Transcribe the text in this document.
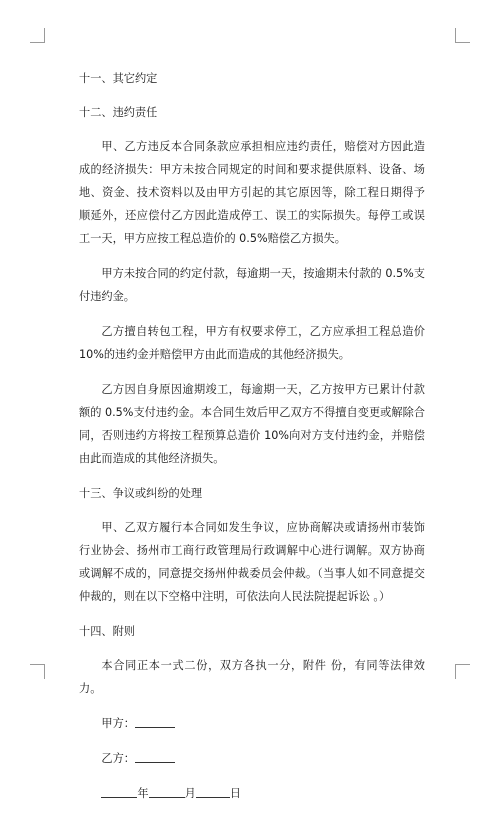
十一、其它约定
十二、违约责任
甲、乙方违反本合同条款应承担相应违约责任，赔偿对方因此造成的经济损失：甲方未按合同规定的时间和要求提供原料、设备、场地、资金、技术资料以及由甲方引起的其它原因等，除工程日期得予顺延外，还应偿付乙方因此造成停工、误工的实际损失。每停工或误工一天，甲方应按工程总造价的 0.5%赔偿乙方损失。
甲方未按合同的约定付款，每逾期一天，按逾期未付款的 0.5%支付违约金。
乙方擅自转包工程，甲方有权要求停工，乙方应承担工程总造价 10%的违约金并赔偿甲方由此而造成的其他经济损失。
乙方因自身原因逾期竣工，每逾期一天，乙方按甲方已累计付款额的 0.5%支付违约金。本合同生效后甲乙双方不得擅自变更或解除合同，否则违约方将按工程预算总造价 10%向对方支付违约金，并赔偿由此而造成的其他经济损失。
十三、争议或纠纷的处理
甲、乙双方履行本合同如发生争议，应协商解决或请扬州市装饰行业协会、扬州市工商行政管理局行政调解中心进行调解。双方协商或调解不成的，同意提交扬州仲裁委员会仲裁。（当事人如不同意提交仲裁的，则在以下空格中注明，可依法向人民法院提起诉讼 。）
十四、附则
本合同正本一式二份，双方各执一分，附件 份，有同等法律效力。
甲方：
乙方：
年	月	日
